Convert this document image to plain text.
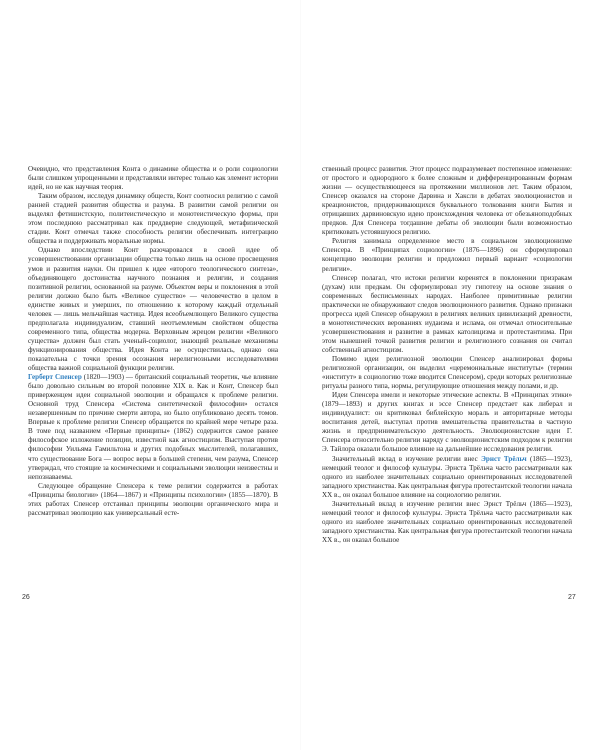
Очевидно, что представления Конта о динамике общества и о роли социологии были слишком упрощенными и представляли интерес только как элемент истории идей, но не как научная теория.

Таким образом, исследуя динамику обществ, Конт соотносил религию с самой ранней стадией развития общества и разума. В развитии самой религии он выделял фетишистскую, политеистическую и монотеистическую формы, при этом последнюю рассматривал как преддверие следующей, метафизической стадии. Конт отмечал также способность религии обеспечивать интеграцию общества и поддерживать моральные нормы.

Однако впоследствии Конт разочаровался в своей идее об усовершенствовании организации общества только лишь на основе просвещения умов и развития науки. Он пришел к идее «второго теологического синтеза», объединяющего достоинства научного познания и религии, и создания позитивной религии, основанной на разуме. Объектом веры и поклонения в этой религии должно было быть «Великое существо» — человечество в целом в единстве живых и умерших, по отношению к которому каждый отдельный человек — лишь мельчайшая частица. Идея всеобъемлющего Великого существа предполагала индивидуализм, ставший неотъемлемым свойством общества современного типа, общества модерна. Верховным жрецом религии «Великого существа» должен был стать ученый-социолог, знающий реальные механизмы функционирования общества. Идея Конта не осуществилась, однако она показательна с точки зрения осознания нерелигиозными исследователями общества важной социальной функции религии.

Герберт Спенсер (1820—1903) — британский социальный теоретик, чье влияние было довольно сильным во второй половине XIX в. Как и Конт, Спенсер был приверженцем идеи социальной эволюции и обращался к проблеме религии. Основной труд Спенсера «Система синтетической философии» остался незавершенным по причине смерти автора, но было опубликовано десять томов. Впервые к проблеме религии Спенсер обращается по крайней мере четыре раза. В томе под названием «Первые принципы» (1862) содержится самое раннее философское изложение позиции, известной как агностицизм. Выступая против философии Уильяма Гамильтона и других подобных мыслителей, полагавших, что существование Бога — вопрос веры в большей степени, чем разума, Спенсер утверждал, что стоящие за космическими и социальными эволюции неизвестны и непознаваемы.

Следующее обращение Спенсера к теме религии содержится в работах «Принципы биологии» (1864—1867) и «Принципы психологии» (1855—1870). В этих работах Спенсер отстаивал принципы эволюции органического мира и рассматривал эволюцию как универсальный есте-

ственный процесс развития. Этот процесс подразумевает постепенное изменение: от простого и однородного к более сложным и дифференцированным формам жизни — осуществляющееся на протяжении миллионов лет. Таким образом, Спенсер оказался на стороне Дарвина и Хаксли в дебатах эволюционистов и креационистов, придерживающихся буквального толкования книги Бытия и отрицавших дарвиновскую идею происхождения человека от обезьяноподобных предков. Для Спенсера тогдашние дебаты об эволюции были возможностью критиковать устоявшуюся религию.

Религия занимала определенное место в социальном эволюционизме Спенсера. В «Принципах социологии» (1876—1896) он сформулировал концепцию эволюции религии и предложил первый вариант «социологии религии».

Спенсер полагал, что истоки религии коренятся в поклонении призракам (духам) или предкам. Он сформулировал эту гипотезу на основе знания о современных бесписьменных народах. Наиболее примитивные религии практически не обнаруживают следов эволюционного развития. Однако признаки прогресса идей Спенсер обнаружил в религиях великих цивилизаций древности, в монотеистических верованиях иудаизма и ислама, он отмечал относительные усовершенствования и развитие в рамках католицизма и протестантизма. При этом нынешней точкой развития религии и религиозного сознания он считал собственный агностицизм.

Помимо идеи религиозной эволюции Спенсер анализировал формы религиозной организации, он выделил «церемониальные институты» (термин «институт» в социологию тоже вводится Спенсером), среди которых религиозные ритуалы разного типа, нормы, регулирующие отношения между полами, и др.

Идеи Спенсера имели и некоторые этические аспекты. В «Принципах этики» (1879—1893) и других книгах и эссе Спенсер предстает как либерал и индивидуалист: он критиковал библейскую мораль и авторитарные методы воспитания детей, выступал против вмешательства правительства в частную жизнь и предпринимательскую деятельность. Эволюционистские идеи Г. Спенсера относительно религии наряду с эволюционистским подходом к религии Э. Тайлора оказали большое влияние на дальнейшие исследования религии.

Значительный вклад в изучение религии внес Эрнст Трёльч (1865—1923), немецкий теолог и философ культуры. Эрнста Трёльча часто рассматривали как одного из наиболее значительных социально ориентированных исследователей западного христианства. Как центральная фигура протестантской теологии начала XX в., он оказал большое влияние на социологию религии.

Значительный вклад в изучение религии внес Эрнст Трёльч (1865—1923), немецкий теолог и философ культуры. Эрнста Трёльча часто рассматривали как одного из наиболее значительных социально ориентированных исследователей западного христианства. Как центральная фигура протестантской теологии начала XX в., он оказал большое

26	27
